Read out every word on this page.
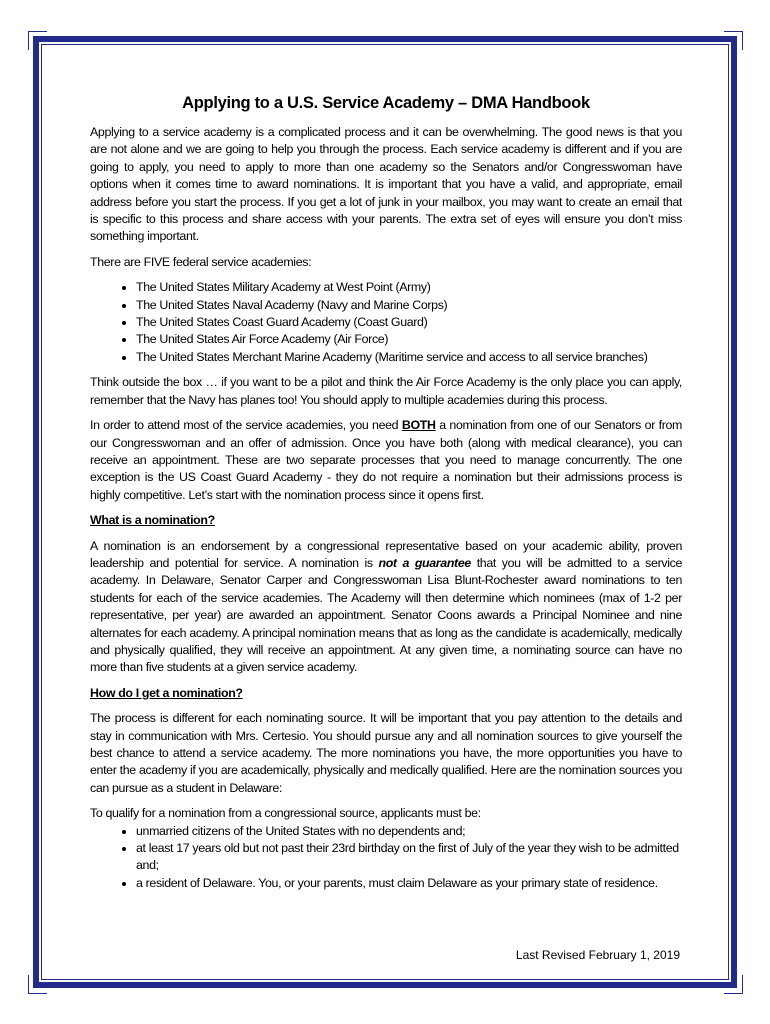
Applying to a U.S. Service Academy – DMA Handbook

Applying to a service academy is a complicated process and it can be overwhelming. The good news is that you are not alone and we are going to help you through the process. Each service academy is different and if you are going to apply, you need to apply to more than one academy so the Senators and/or Congresswoman have options when it comes time to award nominations. It is important that you have a valid, and appropriate, email address before you start the process. If you get a lot of junk in your mailbox, you may want to create an email that is specific to this process and share access with your parents. The extra set of eyes will ensure you don’t miss something important.

There are FIVE federal service academies:

• The United States Military Academy at West Point (Army)
• The United States Naval Academy (Navy and Marine Corps)
• The United States Coast Guard Academy (Coast Guard)
• The United States Air Force Academy (Air Force)
• The United States Merchant Marine Academy (Maritime service and access to all service branches)

Think outside the box … if you want to be a pilot and think the Air Force Academy is the only place you can apply, remember that the Navy has planes too! You should apply to multiple academies during this process.

In order to attend most of the service academies, you need BOTH a nomination from one of our Senators or from our Congresswoman and an offer of admission. Once you have both (along with medical clearance), you can receive an appointment. These are two separate processes that you need to manage concurrently. The one exception is the US Coast Guard Academy - they do not require a nomination but their admissions process is highly competitive. Let’s start with the nomination process since it opens first.

What is a nomination?

A nomination is an endorsement by a congressional representative based on your academic ability, proven leadership and potential for service. A nomination is not a guarantee that you will be admitted to a service academy. In Delaware, Senator Carper and Congresswoman Lisa Blunt-Rochester award nominations to ten students for each of the service academies. The Academy will then determine which nominees (max of 1-2 per representative, per year) are awarded an appointment. Senator Coons awards a Principal Nominee and nine alternates for each academy. A principal nomination means that as long as the candidate is academically, medically and physically qualified, they will receive an appointment. At any given time, a nominating source can have no more than five students at a given service academy.

How do I get a nomination?

The process is different for each nominating source. It will be important that you pay attention to the details and stay in communication with Mrs. Certesio. You should pursue any and all nomination sources to give yourself the best chance to attend a service academy. The more nominations you have, the more opportunities you have to enter the academy if you are academically, physically and medically qualified. Here are the nomination sources you can pursue as a student in Delaware:

To qualify for a nomination from a congressional source, applicants must be:

• unmarried citizens of the United States with no dependents and;
• at least 17 years old but not past their 23rd birthday on the first of July of the year they wish to be admitted and;
• a resident of Delaware. You, or your parents, must claim Delaware as your primary state of residence.
Last Revised February 1, 2019
